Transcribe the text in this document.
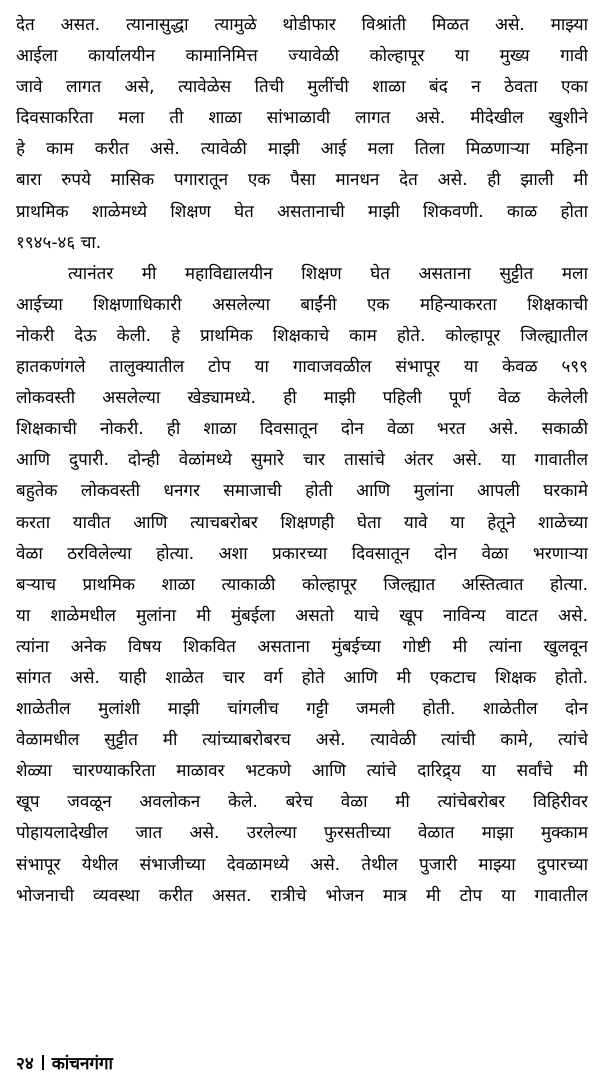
देत असत. त्यानासुद्धा त्यामुळे थोडीफार विश्रांती मिळत असे. माझ्या
आईला कार्यालयीन कामानिमित्त ज्यावेळी कोल्हापूर या मुख्य गावी
जावे लागत असे, त्यावेळेस तिची मुलींची शाळा बंद न ठेवता एका
दिवसाकरिता मला ती शाळा सांभाळावी लागत असे. मीदेखील खुशीने
हे काम करीत असे. त्यावेळी माझी आई मला तिला मिळणाऱ्या महिना
बारा रुपये मासिक पगारातून एक पैसा मानधन देत असे. ही झाली मी
प्राथमिक शाळेमध्ये शिक्षण घेत असतानाची माझी शिकवणी. काळ होता
१९४५-४६ चा.
त्यानंतर मी महाविद्यालयीन शिक्षण घेत असताना सुट्टीत मला
आईच्या शिक्षणाधिकारी असलेल्या बाईंनी एक महिन्याकरता शिक्षकाची
नोकरी देऊ केली. हे प्राथमिक शिक्षकाचे काम होते. कोल्हापूर जिल्ह्यातील
हातकणंगले तालुक्यातील टोप या गावाजवळील संभापूर या केवळ ५९९
लोकवस्ती असलेल्या खेड्यामध्ये. ही माझी पहिली पूर्ण वेळ केलेली
शिक्षकाची नोकरी. ही शाळा दिवसातून दोन वेळा भरत असे. सकाळी
आणि दुपारी. दोन्ही वेळांमध्ये सुमारे चार तासांचे अंतर असे. या गावातील
बहुतेक लोकवस्ती धनगर समाजाची होती आणि मुलांना आपली घरकामे
करता यावीत आणि त्याचबरोबर शिक्षणही घेता यावे या हेतूने शाळेच्या
वेळा ठरविलेल्या होत्या. अशा प्रकारच्या दिवसातून दोन वेळा भरणाऱ्या
बऱ्याच प्राथमिक शाळा त्याकाळी कोल्हापूर जिल्ह्यात अस्तित्वात होत्या.
या शाळेमधील मुलांना मी मुंबईला असतो याचे खूप नाविन्य वाटत असे.
त्यांना अनेक विषय शिकवित असताना मुंबईच्या गोष्टी मी त्यांना खुलवून
सांगत असे. याही शाळेत चार वर्ग होते आणि मी एकटाच शिक्षक होतो.
शाळेतील मुलांशी माझी चांगलीच गट्टी जमली होती. शाळेतील दोन
वेळामधील सुट्टीत मी त्यांच्याबरोबरच असे. त्यावेळी त्यांची कामे, त्यांचे
शेळ्या चारण्याकरिता माळावर भटकणे आणि त्यांचे दारिद्र्य या सर्वांचे मी
खूप जवळून अवलोकन केले. बरेच वेळा मी त्यांचेबरोबर विहिरीवर
पोहायलादेखील जात असे. उरलेल्या फुरसतीच्या वेळात माझा मुक्काम
संभापूर येथील संभाजीच्या देवळामध्ये असे. तेथील पुजारी माझ्या दुपारच्या
भोजनाची व्यवस्था करीत असत. रात्रीचे भोजन मात्र मी टोप या गावातील
२४ कांचनगंगा
